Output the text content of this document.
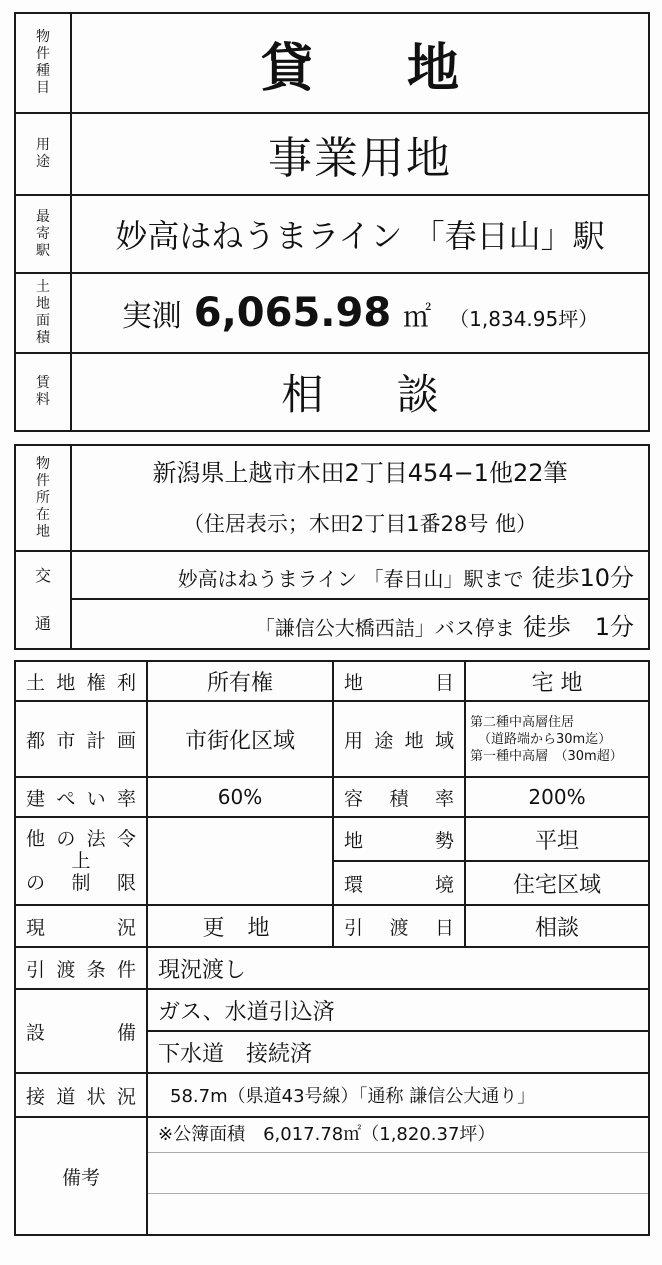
物
件
種
目	貸 地

用
途	事業用地

最
寄
駅	妙高はねうまライン 「春日山」駅

土
地
面
積	実測 6,065.98 ㎡ （1,834.95坪）

賃
料	相 談
物
件
所
在
地	新潟県上越市木田2丁目454−1他22筆
	（住居表示；木田2丁目1番28号 他）
交	妙高はねうまライン 「春日山」駅まで 徒歩10分
通	「謙信公大橋西詰」バス停ま 徒歩　1分
土地権利	所有権	地目	宅 地
都市計画	市街化区域	用途地域	第二種中高層住居
（道路端から30m迄）
第一種中高層　（30m超）

建ぺい率	60%	容積率	200%

他の法令
上
の制限		地勢	平坦
		環境	住宅区域
現況	更 地	引渡日	相談
引渡条件	現況渡し		
設備	ガス、水道引込済		
	下水道　接続済		
接道状況	58.7m（県道43号線）「通称 謙信公大通り」		
備考	※公簿面積　6,017.78㎡（1,820.37坪）		
